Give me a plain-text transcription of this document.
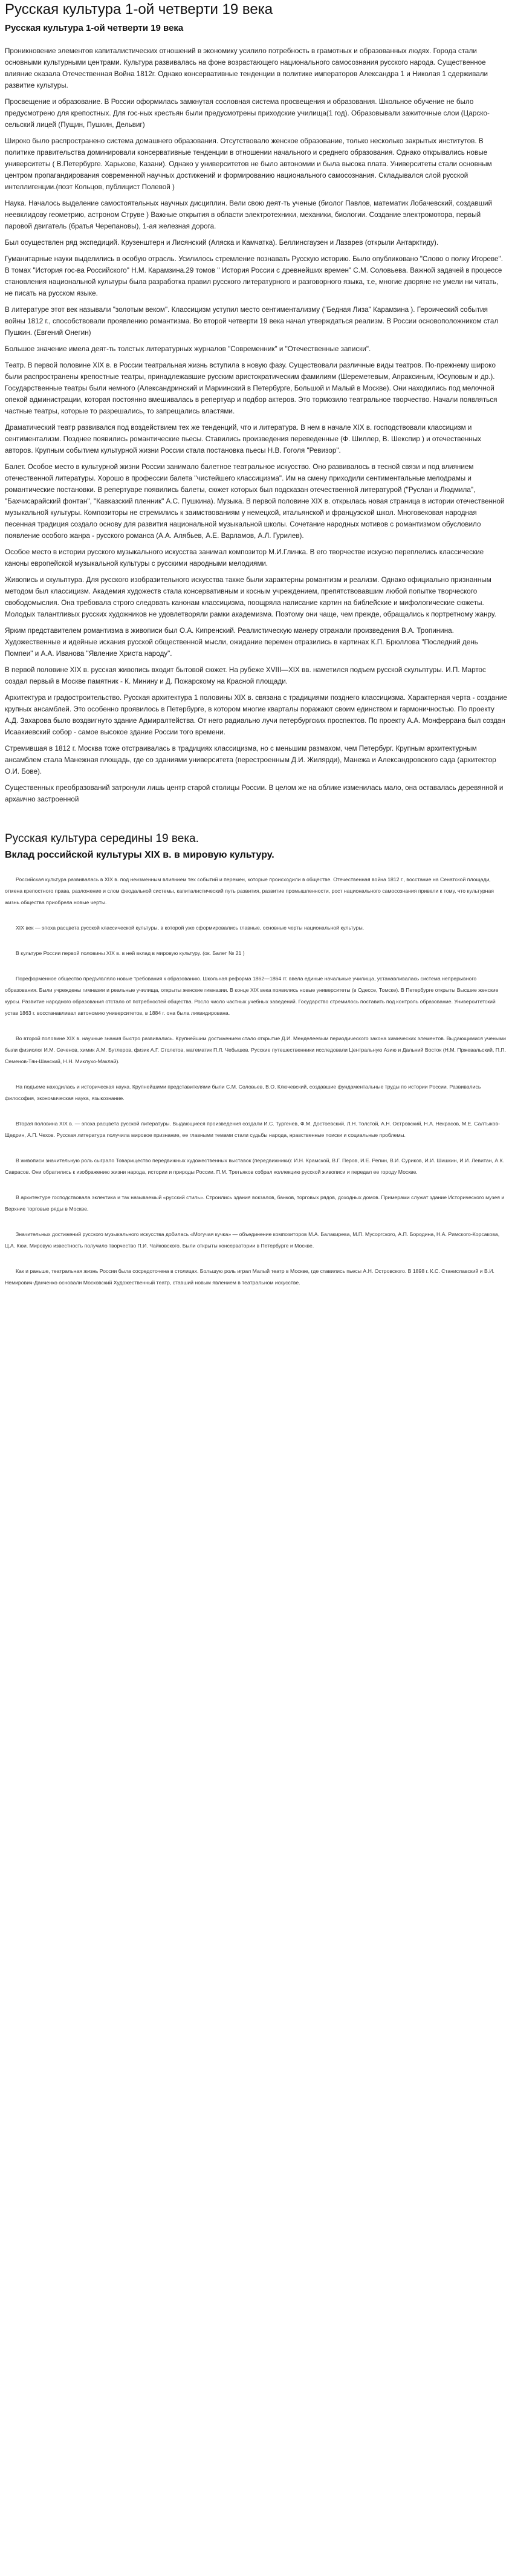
Русская культура 1-ой четверти 19 века
Русская культура 1-ой четверти 19 века

Проникновение элементов капиталистических отношений в экономику усилило потребность в грамотных и образованных людях. Города стали основными культурными центрами. Культура развивалась на фоне возрастающего национального самосознания русского народа. Существенное влияние оказала Отечественная Война 1812г. Однако консервативные тенденции в политике императоров Александра 1 и Николая 1 сдерживали развитие культуры.

Просвещение и образование. В России оформилась замкнутая сословная система просвещения и образования. Школьное обучение не было предусмотрено для крепостных. Для гос-ных крестьян были предусмотрены приходские училища(1 год). Образовывали зажиточные слои (Царско-сельский лицей (Пущин, Пушкин, Дельвиг)

Широко было распространено система домашнего образования. Отсутствовало женское образование, только несколько закрытых институтов. В политике правительства доминировали консервативные тенденции в отношении начального и среднего образования. Однако открывались новые университеты ( В.Петербурге. Харькове, Казани). Однако у университетов не было автономии и была высока плата. Университеты стали основным центром пропагандирования современной научных достижений и формированию национального самосознания. Складывался слой русской интеллигенции.(поэт Кольцов, публицист Полевой )

Наука. Началось выделение самостоятельных научных дисциплин. Вели свою деят-ть ученые (биолог Павлов, математик Лобачевский, создавший неевклидову геометрию, астроном Струве ) Важные открытия в области электротехники, механики, биологии. Создание электромотора, первый паровой двигатель (братья Черепановы), 1-ая железная дорога.

Был осуществлен ряд экспедиций. Крузенштерн и Лисянский (Аляска и Камчатка). Беллинсгаузен и Лазарев (открыли Антарктиду).

Гуманитарные науки выделились в особую отрасль. Усилилось стремление познавать Русскую историю. Было опубликовано "Слово о полку Игореве". В томах "История гос-ва Российского" Н.М. Карамзина.29 томов " История России с древнейших времен" С.М. Соловьева. Важной задачей в процессе становления национальной культуры была разработка правил русского литературного и разговорного языка, т.е, многие дворяне не умели ни читать, не писать на русском языке.

В литературе этот век называли "золотым веком". Классицизм уступил место сентиментализму ("Бедная Лиза" Карамзина ). Героический события войны 1812 г., способствовали проявлению романтизма. Во второй четверти 19 века начал утверждаться реализм. В России основоположником стал Пушкин. (Евгений Онегин)

Большое значение имела деят-ть толстых литературных журналов "Современник" и "Отечественные записки".

Театр. В первой половине XIX в. в России театральная жизнь вступила в новую фазу. Существовали различные виды театров. По-прежнему широко были распространены крепостные театры, принадлежавшие русским аристократическим фамилиям (Шереметевым, Апраксиным, Юсуповым и др.). Государственные театры были немного (Александринский и Мариинский в Петербурге, Большой и Малый в Москве). Они находились под мелочной опекой администрации, которая постоянно вмешивалась в репертуар и подбор актеров. Это тормозило театральное творчество. Начали появляться частные театры, которые то разрешались, то запрещались властями.

Драматический театр развивался под воздействием тех же тенденций, что и литература. В нем в начале XIX в. господствовали классицизм и сентиментализм. Позднее появились романтические пьесы. Ставились произведения переведенные (Ф. Шиллер, В. Шекспир ) и отечественных авторов. Крупным событием культурной жизни России стала постановка пьесы Н.В. Гоголя "Ревизор".

Балет. Особое место в культурной жизни России занимало балетное театральное искусство. Оно развивалось в тесной связи и под влиянием отечественной литературы. Хорошо в профессии балета "чистейшего классицизма". Им на смену приходили сентиментальные мелодрамы и романтические постановки. В репертуаре появились балеты, сюжет которых был подсказан отечественной литературой ("Руслан и Людмила", "Бахчисарайский фонтан", "Кавказский пленник" А.С. Пушкина). Музыка. В первой половине XIX в. открылась новая страница в истории отечественной музыкальной культуры. Композиторы не стремились к заимствованиям у немецкой, итальянской и французской школ. Многовековая народная песенная традиция создало основу для развития национальной музыкальной школы. Сочетание народных мотивов с романтизмом обусловило появление особого жанра - русского романса (А.А. Алябьев, А.Е. Варламов, А.Л. Гурилев).

Особое место в истории русского музыкального искусства занимал композитор М.И.Глинка. В его творчестве искусно переплелись классические каноны европейской музыкальной культуры с русскими народными мелодиями.

Живопись и скульптура. Для русского изобразительного искусства также были характерны романтизм и реализм. Однако официально признанным методом был классицизм. Академия художеств стала консервативным и косным учреждением, препятствовавшим любой попытке творческого свободомыслия. Она требовала строго следовать канонам классицизма, поощряла написание картин на библейские и мифологические сюжеты. Молодых талантливых русских художников не удовлетворяли рамки академизма. Поэтому они чаще, чем прежде, обращались к портретному жанру.

Ярким представителем романтизма в живописи был О.А. Кипренский. Реалистическую манеру отражали произведения В.А. Тропинина. Художественные и идейные искания русской общественной мысли, ожидание перемен отразились в картинах К.П. Брюллова "Последний день Помпеи" и А.А. Иванова "Явление Христа народу".

В первой половине XIX в. русская живопись входит бытовой сюжет. На рубеже XVIII—XIX вв. наметился подъем русской скульптуры. И.П. Мартос создал первый в Москве памятник - К. Минину и Д. Пожарскому на Красной площади.

Архитектура и градостроительство. Русская архитектура 1 половины XIX в. связана с традициями позднего классицизма. Характерная черта - создание крупных ансамблей. Это особенно проявилось в Петербурге, в котором многие кварталы поражают своим единством и гармоничностью. По проекту А.Д. Захарова было воздвигнуто здание Адмиралтейства. От него радиально лучи петербургских проспектов. По проекту А.А. Монферрана был создан Исаакиевский собор - самое высокое здание России того времени.

Стремившая в 1812 г. Москва тоже отстраивалась в традициях классицизма, но с меньшим размахом, чем Петербург. Крупным архитектурным ансамблем стала Манежная площадь, где со зданиями университета (перестроенным Д.И. Жилярди), Манежа и Александровского сада (архитектор О.И. Бове).

Существенных преобразований затронули лишь центр старой столицы России. В целом же на облике изменилась мало, она оставалась деревянной и архаично застроенной

Русская культура середины 19 века.
Вклад российской культуры XIX в. в мировую культуру.

Российская культура развивалась в XIX в. под неизменным влиянием тех событий и перемен, которые происходили в обществе. Отечественная война 1812 г., восстание на Сенатской площади, отмена крепостного права, разложение и слом феодальной системы, капиталистический путь развития, развитие промышленности, рост национального самосознания привели к тому, что культурная жизнь общества приобрела новые черты.

XIX век — эпоха расцвета русской классической культуры, в которой уже сформировались главные, основные черты национальной культуры.

В культуре России первой половины XIX в. в ней вклад в мировую культуру. (ок. Балет № 21 )

Пореформенное общество предъявляло новые требования к образованию. Школьная реформа 1862—1864 гг. ввела единые начальные училища, устанавливалась система непрерывного образования. Были учреждены гимназии и реальные училища, открыты женские гимназии. В конце XIX века появились новые университеты (в Одессе, Томске). В Петербурге открыты Высшие женские курсы. Развитие народного образования отстало от потребностей общества. Росло число частных учебных заведений. Государство стремилось поставить под контроль образование. Университетский устав 1863 г. восстанавливал автономию университетов, в 1884 г. она была ликвидирована.

Во второй половине XIX в. научные знания быстро развивались. Крупнейшим достижением стало открытие Д.И. Менделеевым периодического закона химических элементов. Выдающимися учеными были физиолог И.М. Сеченов, химик А.М. Бутлеров, физик А.Г. Столетов, математик П.Л. Чебышев. Русские путешественники исследовали Центральную Азию и Дальний Восток (Н.М. Пржевальский, П.П. Семенов-Тян-Шанский, Н.Н. Миклухо-Маклай).

На подъеме находилась и историческая наука. Крупнейшими представителями были С.М. Соловьев, В.О. Ключевский, создавшие фундаментальные труды по истории России. Развивались философия, экономическая наука, языкознание.

Вторая половина XIX в. — эпоха расцвета русской литературы. Выдающиеся произведения создали И.С. Тургенев, Ф.М. Достоевский, Л.Н. Толстой, А.Н. Островский, Н.А. Некрасов, М.Е. Салтыков-Щедрин, А.П. Чехов. Русская литература получила мировое признание, ее главными темами стали судьбы народа, нравственные поиски и социальные проблемы.

В живописи значительную роль сыграло Товарищество передвижных художественных выставок (передвижники): И.Н. Крамской, В.Г. Перов, И.Е. Репин, В.И. Суриков, И.И. Шишкин, И.И. Левитан, А.К. Саврасов. Они обратились к изображению жизни народа, истории и природы России. П.М. Третьяков собрал коллекцию русской живописи и передал ее городу Москве.

В архитектуре господствовала эклектика и так называемый «русский стиль». Строились здания вокзалов, банков, торговых рядов, доходных домов. Примерами служат здание Исторического музея и Верхние торговые ряды в Москве.

Значительных достижений русского музыкального искусства добилась «Могучая кучка» — объединение композиторов М.А. Балакирева, М.П. Мусоргского, А.П. Бородина, Н.А. Римского-Корсакова, Ц.А. Кюи. Мировую известность получило творчество П.И. Чайковского. Были открыты консерватории в Петербурге и Москве.

Как и раньше, театральная жизнь России была сосредоточена в столицах. Большую роль играл Малый театр в Москве, где ставились пьесы А.Н. Островского. В 1898 г. К.С. Станиславский и В.И. Немирович-Данченко основали Московский Художественный театр, ставший новым явлением в театральном искусстве.
